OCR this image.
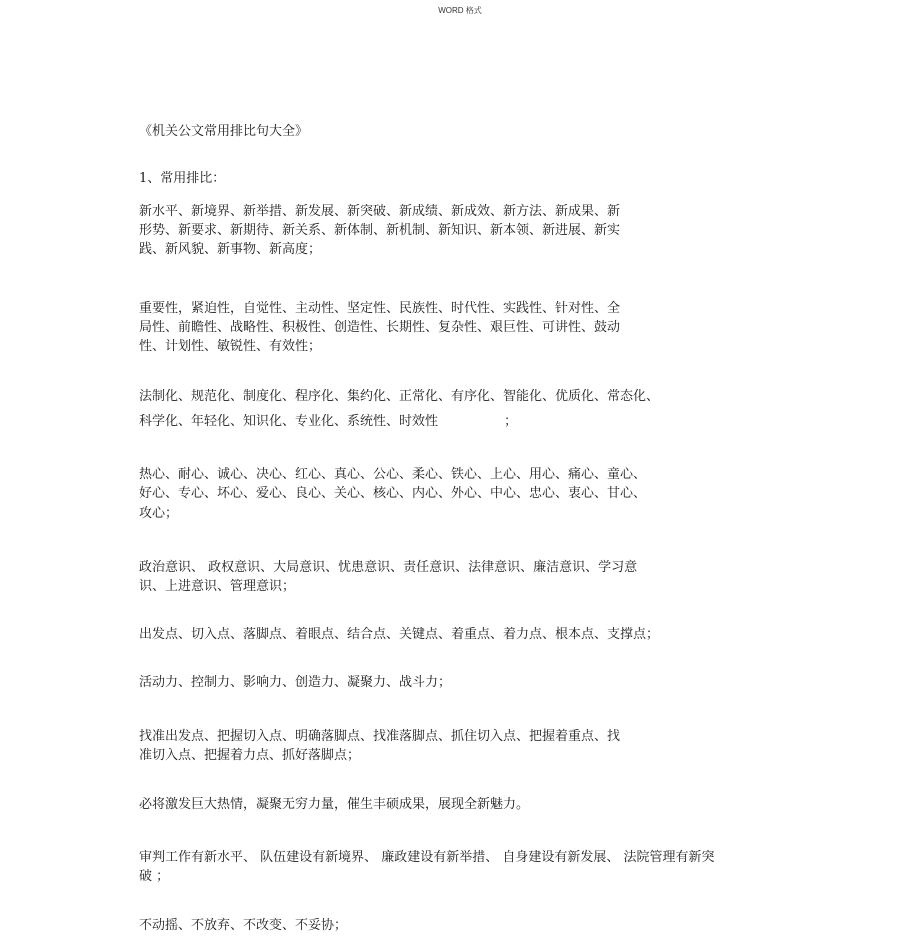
WORD 格式
《机关公文常用排比句大全》
1、常用排比：
新水平、新境界、新举措、新发展、新突破、新成绩、新成效、新方法、新成果、新
形势、新要求、新期待、新关系、新体制、新机制、新知识、新本领、新进展、新实
践、新风貌、新事物、新高度；
重要性，紧迫性，自觉性、主动性、坚定性、民族性、时代性、实践性、针对性、全
局性、前瞻性、战略性、积极性、创造性、长期性、复杂性、艰巨性、可讲性、鼓动
性、计划性、敏锐性、有效性；
法制化、规范化、制度化、程序化、集约化、正常化、有序化、智能化、优质化、常态化、
科学化、年轻化、知识化、专业化、系统性、时效性                ；
热心、耐心、诚心、决心、红心、真心、公心、柔心、铁心、上心、用心、痛心、童心、
好心、专心、坏心、爱心、良心、关心、核心、内心、外心、中心、忠心、衷心、甘心、
攻心；
政治意识、 政权意识、大局意识、忧患意识、责任意识、法律意识、廉洁意识、学习意
识、上进意识、管理意识；
出发点、切入点、落脚点、着眼点、结合点、关键点、着重点、着力点、根本点、支撑点；
活动力、控制力、影响力、创造力、凝聚力、战斗力；
找准出发点、把握切入点、明确落脚点、找准落脚点、抓住切入点、把握着重点、找
准切入点、把握着力点、抓好落脚点；
必将激发巨大热情，凝聚无穷力量，催生丰硕成果，展现全新魅力。
审判工作有新水平、 队伍建设有新境界、 廉政建设有新举措、 自身建设有新发展、 法院管理有新突
破 ；
不动摇、不放弃、不改变、不妥协；
